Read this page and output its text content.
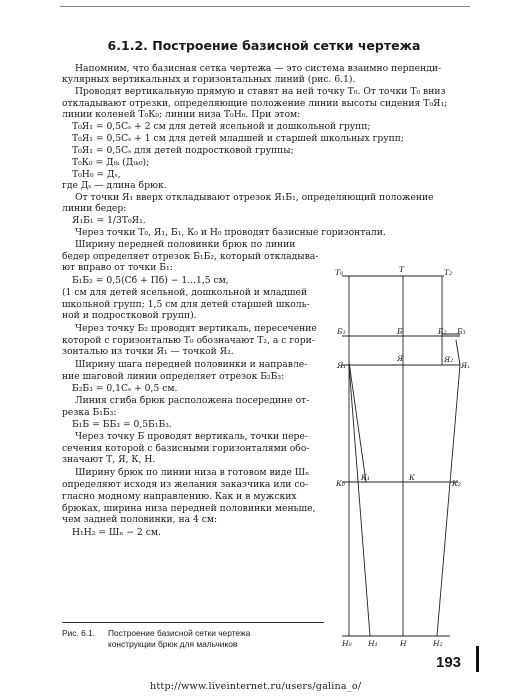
6.1.2. Построение базисной сетки чертежа
Напомним, что базисная сетка чертежа — это система взаимно перпенди-
кулярных вертикальных и горизонтальных линий (рис. 6.1).
Проводят вертикальную прямую и ставят на ней точку Т₀. От точки Т₀ вниз
откладывают отрезки, определяющие положение линии высоты сидения Т₀Я₁;
линии коленей Т₀К₀; линии низа Т₀Н₀. При этом:
Т₀Я₁ = 0,5Сₛ + 2 см для детей ясельной и дошкольной групп;
Т₀Я₁ = 0,5Сₛ + 1 см для детей младшей и старшей школьных групп;
Т₀Я₁ = 0,5Сₛ для детей подростковой группы;
Т₀К₀ = Дₜₖ (Дₜₖ₀);
Т₀Н₀ = Дₛ,
где Дₛ — длина брюк.
От точки Я₁ вверх откладывают отрезок Я₁Б₁, определяющий положение
линии бедер:
Я₁Б₁ = 1/3Т₀Я₁.
Через точки Т₀, Я₁, Б₁, К₀ и Н₀ проводят базисные горизонтали.
Ширину передней половинки брюк по линии
бедер определяет отрезок Б₁Б₂, который откладыва-
ют вправо от точки Б₁:
Б₁Б₂ = 0,5(Сб + Пб) − 1...1,5 см,
(1 см для детей ясельной, дошкольной и младшей
школьной групп; 1,5 см для детей старшей школь-
ной и подростковой групп).
Через точку Б₂ проводят вертикаль, пересечение
которой с горизонталью Т₀ обозначают Т₂, а с гори-
зонталью из точки Я₁ — точкой Я₂.
Ширину шага передней половинки и направле-
ние шаговой линии определяет отрезок Б₂Б₃:
Б₂Б₃ = 0,1Сₛ + 0,5 см.
Линия сгиба брюк расположена посередине от-
резка Б₁Б₃:
Б₁Б = ББ₃ = 0,5Б₁Б₃.
Через точку Б проводят вертикаль, точки пере-
сечения которой с базисными горизонталями обо-
значают Т, Я, К, Н.
Ширину брюк по линии низа в готовом виде Шₙ
определяют исходя из желания заказчика или со-
гласно модному направлению. Как и в мужских
брюках, ширина низа передней половинки меньше,
чем задней половинки, на 4 см:
Н₁Н₂ = Шₙ − 2 см.
Т₀	Т	Т₂
Б₁	Б	Б₂ Б₃
Я₁
Я	Я₂
Яₓ
К₀
К₁	К
К₂
Н₀ Н₁	Н	Н₂
Рис. 6.1. Построение базисной сетки чертежа
конструкции брюк для мальчиков
193
http://www.liveinternet.ru/users/galina_o/
